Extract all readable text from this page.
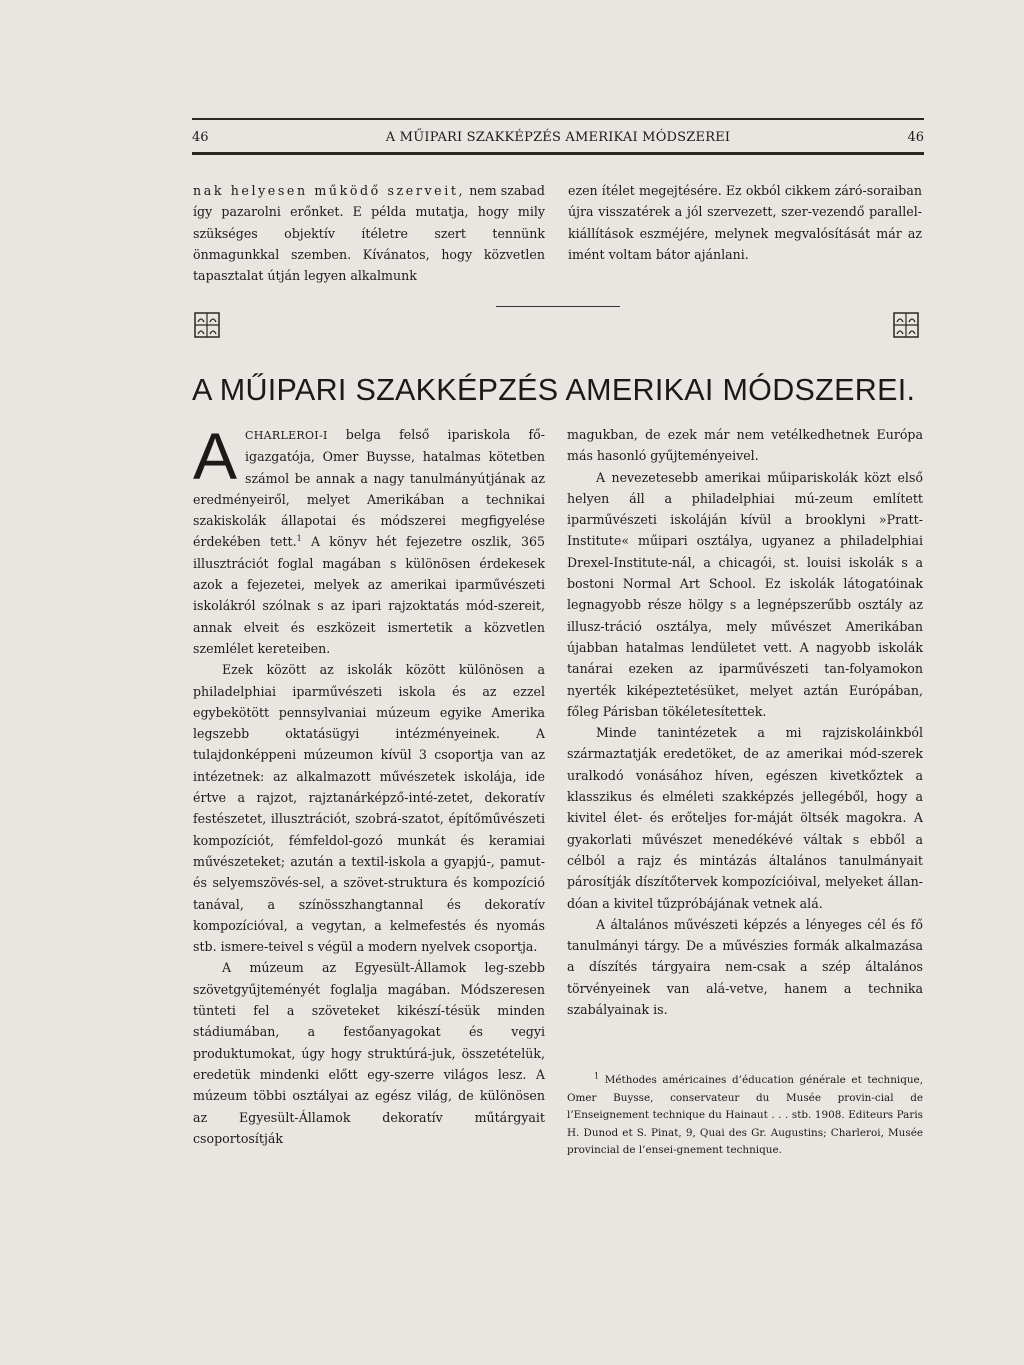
46	A MŰIPARI SZAKKÉPZÉS AMERIKAI MÓDSZEREI	46

nak helyesen működő szerveit, nem szabad így pazarolni erőnket. E példa mutatja, hogy mily szükséges objektív ítéletre szert tennünk önmagunkkal szemben. Kívánatos, hogy közvetlen tapasztalat útján legyen alkalmunk

ezen ítélet megejtésére. Ez okból cikkem záró-soraiban újra visszatérek a jól szervezett, szer-vezendő parallel-kiállítások eszméjére, melynek megvalósítását már az imént voltam bátor ajánlani.

A MŰIPARI SZAKKÉPZÉS AMERIKAI MÓDSZEREI.

ACHARLEROI-I belga felső ipariskola fő-igazgatója, Omer Buysse, hatalmas kötetben számol be annak a nagy tanulmányútjának az eredményeiről, melyet Amerikában a technikai szakiskolák állapotai és módszerei megfigyelése érdekében tett.$^1$ A könyv hét fejezetre oszlik, 365 illusztrációt foglal magában s különösen érdekesek azok a fejezetei, melyek az amerikai iparművészeti iskolákról szólnak s az ipari rajzoktatás mód-szereit, annak elveit és eszközeit ismertetik a közvetlen szemlélet kereteiben.

Ezek között az iskolák között különösen a philadelphiai iparművészeti iskola és az ezzel egybekötött pennsylvaniai múzeum egyike Amerika legszebb oktatásügyi intézményeinek. A tulajdonképpeni múzeumon kívül 3 csoportja van az intézetnek: az alkalmazott művészetek iskolája, ide értve a rajzot, rajztanárképző-inté-zetet, dekoratív festészetet, illusztrációt, szobrá-szatot, építőművészeti kompozíciót, fémfeldol-gozó munkát és keramiai művészeteket; azután a textil-iskola a gyapjú-, pamut- és selyemszövés-sel, a szövet-struktura és kompozíció tanával, a színösszhangtannal és dekoratív kompozícióval, a vegytan, a kelmefestés és nyomás stb. ismere-teivel s végül a modern nyelvek csoportja.

A múzeum az Egyesült-Államok leg-szebb szövetgyűjteményét foglalja magában. Módszeresen tünteti fel a szöveteket kikészí-tésük minden stádiumában, a festőanyagokat és vegyi produktumokat, úgy hogy struktúrá-juk, összetételük, eredetük mindenki előtt egy-szerre világos lesz. A múzeum többi osztályai az egész világ, de különösen az Egyesült-Államok dekoratív műtárgyait csoportosítják

magukban, de ezek már nem vetélkedhetnek Európa más hasonló gyűjteményeivel.

A nevezetesebb amerikai műipariskolák közt első helyen áll a philadelphiai mú-zeum említett iparművészeti iskoláján kívül a brooklyni »Pratt-Institute« műipari osztálya, ugyanez a philadelphiai Drexel-Institute-nál, a chicagói, st. louisi iskolák s a bostoni Normal Art School. Ez iskolák látogatóinak legnagyobb része hölgy s a legnépszerűbb osztály az illusz-tráció osztálya, mely művészet Amerikában újabban hatalmas lendületet vett. A nagyobb iskolák tanárai ezeken az iparművészeti tan-folyamokon nyerték kiképeztetésüket, melyet aztán Európában, főleg Párisban tökéletesítettek.

Minde tanintézetek a mi rajziskoláinkból származtatják eredetöket, de az amerikai mód-szerek uralkodó vonásához híven, egészen kivetkőztek a klasszikus és elméleti szakképzés jellegéből, hogy a kivitel élet- és erőteljes for-máját öltsék magokra. A gyakorlati művészet menedékévé váltak s ebből a célból a rajz és mintázás általános tanulmányait párosítják díszítőtervek kompozícióival, melyeket állan-dóan a kivitel tűzpróbájának vetnek alá.

A általános művészeti képzés a lényeges cél és fő tanulmányi tárgy. De a művészies formák alkalmazása a díszítés tárgyaira nem-csak a szép általános törvényeinek van alá-vetve, hanem a technika szabályainak is.

$^1$ Méthodes américaines d’éducation générale et technique, Omer Buysse, conservateur du Musée provin-cial de l’Enseignement technique du Hainaut . . . stb. 1908. Editeurs Paris H. Dunod et S. Pinat, 9, Quai des Gr. Augustins; Charleroi, Musée provincial de l’ensei-gnement technique.
